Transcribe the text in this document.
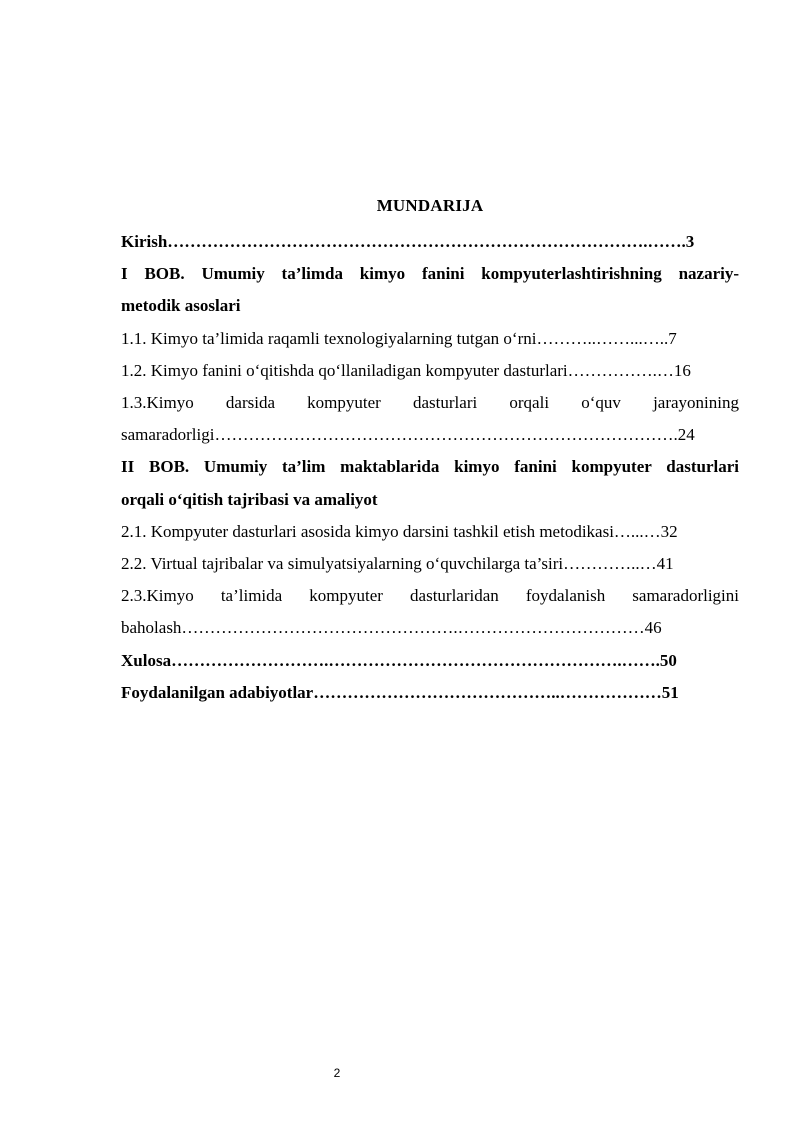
MUNDARIJA
Kirish………………………………………………………………………….…….3
I BOB. Umumiy ta’limda kimyo fanini kompyuterlashtirishning nazariy-
metodik asoslari
1.1. Kimyo ta’limida raqamli texnologiyalarning tutgan o‘rni………..……...…..7
1.2. Kimyo fanini o‘qitishda qo‘llaniladigan kompyuter dasturlari…………….…16
1.3.Kimyo darsida kompyuter dasturlari orqali o‘quv jarayonining
samaradorligi……………………………………………………………………….24
II BOB. Umumiy ta’lim maktablarida kimyo fanini kompyuter dasturlari
orqali o‘qitish tajribasi va amaliyot
2.1. Kompyuter dasturlari asosida kimyo darsini tashkil etish metodikasi…...…32
2.2. Virtual tajribalar va simulyatsiyalarning o‘quvchilarga ta’siri…………..…41
2.3.Kimyo ta’limida kompyuter dasturlaridan foydalanish samaradorligini
baholash………………………………………….……………………………46
Xulosa……………………….…………………………………………….…….50
Foydalanilgan adabiyotlar……………………………………..………………51
2
